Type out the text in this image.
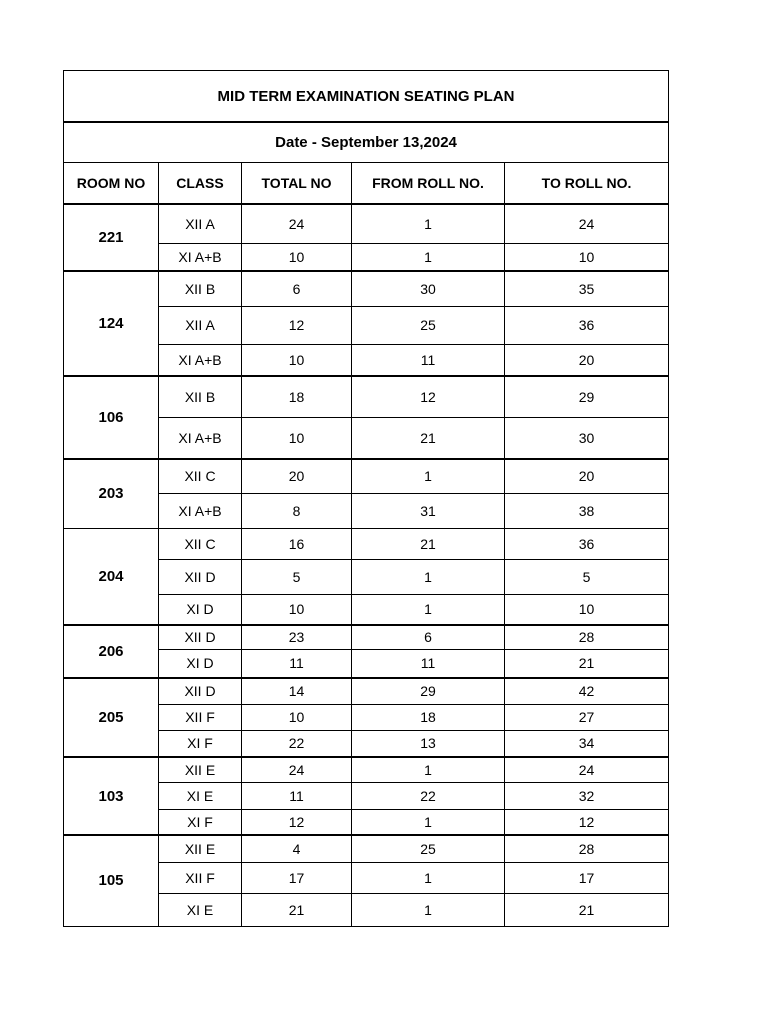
MID TERM EXAMINATION SEATING PLAN				
Date - September 13,2024				
ROOM NO	CLASS	TOTAL NO	FROM ROLL NO.	TO ROLL NO.
221	XII A	24	1	24
	XI A+B	10	1	10
124	XII B	6	30	35
	XII A	12	25	36
	XI A+B	10	11	20
106	XII B	18	12	29
	XI A+B	10	21	30
203	XII C	20	1	20
	XI A+B	8	31	38
204	XII C	16	21	36
	XII D	5	1	5
	XI D	10	1	10
206	XII D	23	6	28
	XI D	11	11	21
205	XII D	14	29	42
	XII F	10	18	27
	XI F	22	13	34
103	XII E	24	1	24
	XI E	11	22	32
	XI F	12	1	12
105	XII E	4	25	28
	XII F	17	1	17
	XI E	21	1	21
